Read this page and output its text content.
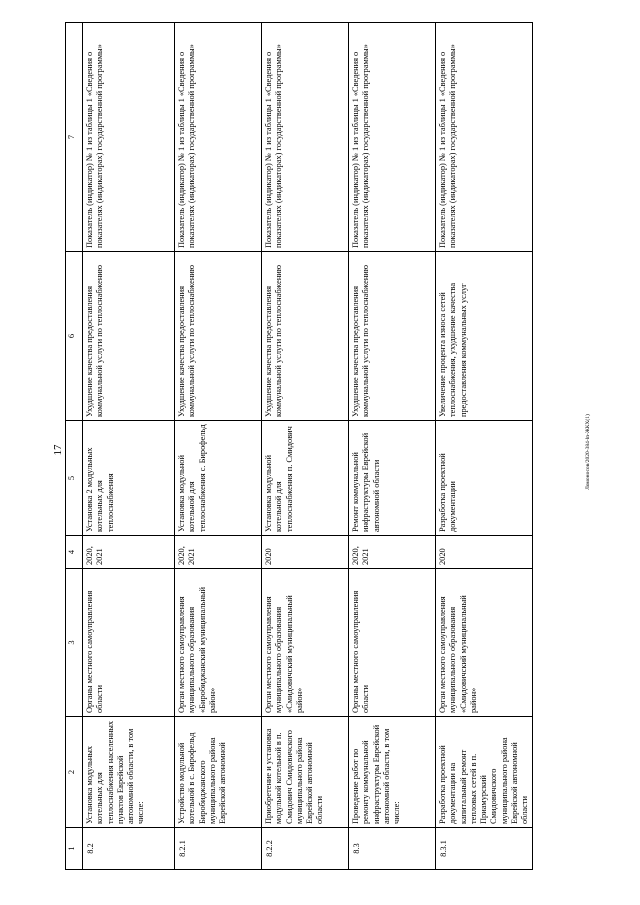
17
1	2	3	4	5	6	7
8.2	Установка модульных котельных для теплоснабжения населенных пунктов Еврейской автономной области, в том числе:	Органы местного самоуправления области	2020, 2021	Установка 2 модульных котельных для теплоснабжения	Ухудшение качества предоставления коммунальной услуги по теплоснабжению	Показатель (индикатор) № 1 из таблицы 1 «Сведения о показателях (индикаторах) государственной программы»
8.2.1	Устройство модульной котельной в с. Бирофельд Биробиджанского муниципального района Еврейской автономной	Орган местного самоуправления муниципального образования «Биробиджанский муниципальный район»	2020, 2021	Установка модульной котельной для теплоснабжения с. Бирофельд	Ухудшение качества предоставления коммунальной услуги по теплоснабжению	Показатель (индикатор) № 1 из таблицы 1 «Сведения о показателях (индикаторах) государственной программы»
8.2.2	Приобретение и установка модульной котельной в п. Смидович Смидовичского муниципального района Еврейской автономной области	Орган местного самоуправления муниципального образования «Смидовичский муниципальный район»	2020	Установка модульной котельной для теплоснабжения п. Смидович	Ухудшение качества предоставления коммунальной услуги по теплоснабжению	Показатель (индикатор) № 1 из таблицы 1 «Сведения о показателях (индикаторах) государственной программы»
8.3	Проведение работ по ремонту коммунальной инфраструктуры Еврейской автономной области, в том числе:	Органы местного самоуправления области	2020, 2021	Ремонт коммунальной инфраструктуры Еврейской автономной области	Ухудшение качества предоставления коммунальной услуги по теплоснабжению	Показатель (индикатор) № 1 из таблицы 1 «Сведения о показателях (индикаторах) государственной программы»
8.3.1	Разработка проектной документации на капитальный ремонт тепловых сетей в п. Приамурский Смидовичского муниципального района Еврейской автономной области	Орган местного самоуправления муниципального образования «Смидовичский муниципальный район»	2020	Разработка проектной документации	Увеличение процента износа сетей теплоснабжения, ухудшение качества предоставления коммунальных услуг	Показатель (индикатор) № 1 из таблицы 1 «Сведения о показателях (индикаторах) государственной программы»
Ломоносов/2020-384-ln-ЖКХ(1)
